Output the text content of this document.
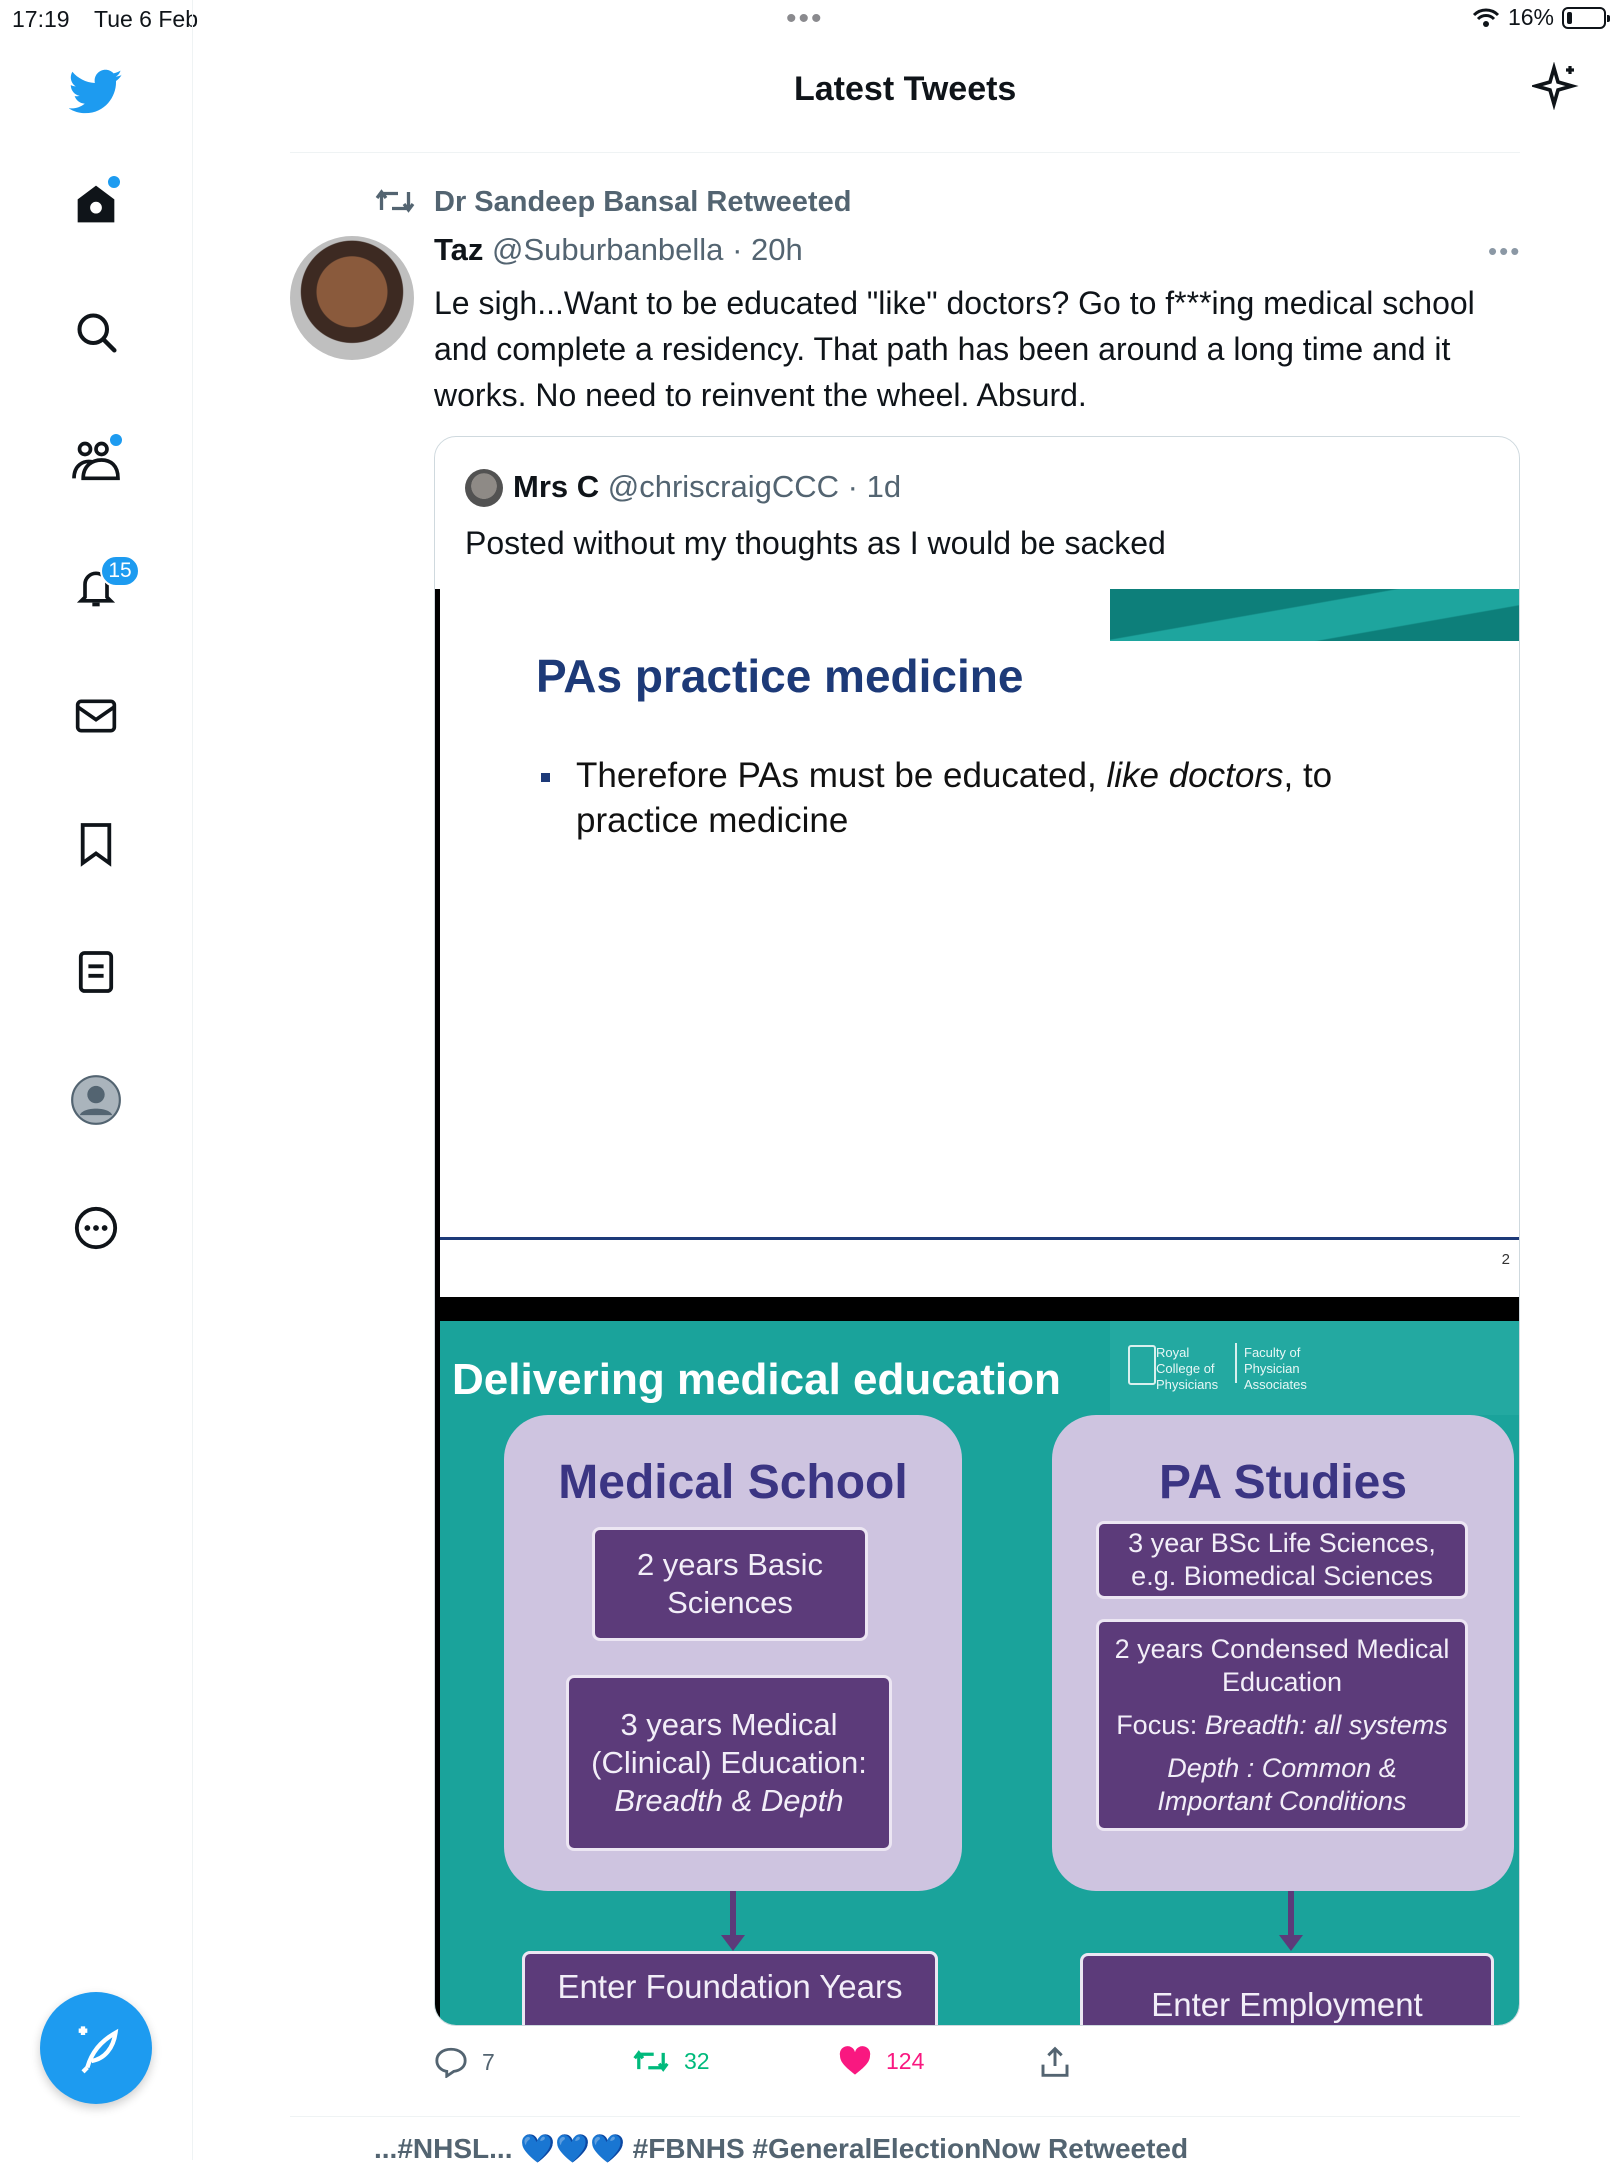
17:19 Tue 6 Feb	•••	16%
15
Latest Tweets
Dr Sandeep Bansal Retweeted
Taz @Suburbanbella · 20h	•••
Le sigh...Want to be educated "like" doctors? Go to f***ing medical school and complete a residency. That path has been around a long time and it works. No need to reinvent the wheel. Absurd.
Mrs C @chriscraigCCC · 1d
Posted without my thoughts as I would be sacked
PAs practice medicine
Therefore PAs must be educated, like doctors, to practice medicine
2
Royal College of Physicians
Faculty of Physician Associates
Delivering medical education
Medical School
2 years Basic Sciences
3 years Medical (Clinical) Education:
Breadth & Depth
Enter Foundation Years
PA Studies
3 year BSc Life Sciences, e.g. Biomedical Sciences
2 years Condensed Medical Education
Focus: Breadth: all systems
Depth : Common & Important Conditions
Enter Employment
7	32	124
...#NHSL... 💙💙💙 #FBNHS #GeneralElectionNow Retweeted
